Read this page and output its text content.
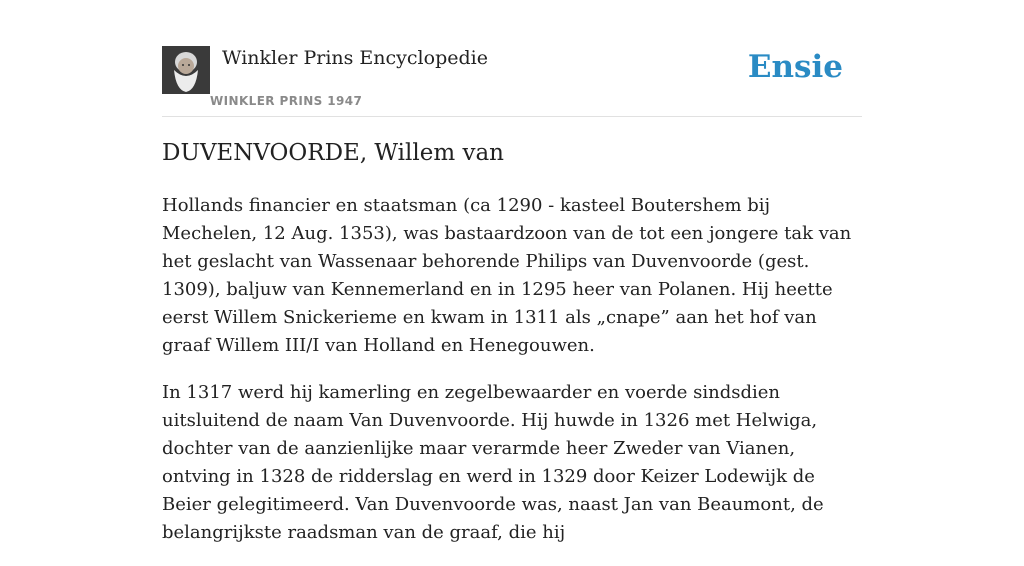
Winkler Prins Encyclopedie
WINKLER PRINS 1947
Ensie
DUVENVOORDE, Willem van

Hollands financier en staatsman (ca 1290 - kasteel Boutershem bij Mechelen, 12 Aug. 1353), was bastaardzoon van de tot een jongere tak van het geslacht van Wassenaar behorende Philips van Duvenvoorde (gest. 1309), baljuw van Kennemerland en in 1295 heer van Polanen. Hij heette eerst Willem Snickerieme en kwam in 1311 als „cnape” aan het hof van graaf Willem III/I van Holland en Henegouwen.

In 1317 werd hij kamerling en zegelbewaarder en voerde sindsdien uitsluitend de naam Van Duvenvoorde. Hij huwde in 1326 met Helwiga, dochter van de aanzienlijke maar verarmde heer Zweder van Vianen, ontving in 1328 de ridderslag en werd in 1329 door Keizer Lodewijk de Beier gelegitimeerd. Van Duvenvoorde was, naast Jan van Beaumont, de belangrijkste raadsman van de graaf, die hij
